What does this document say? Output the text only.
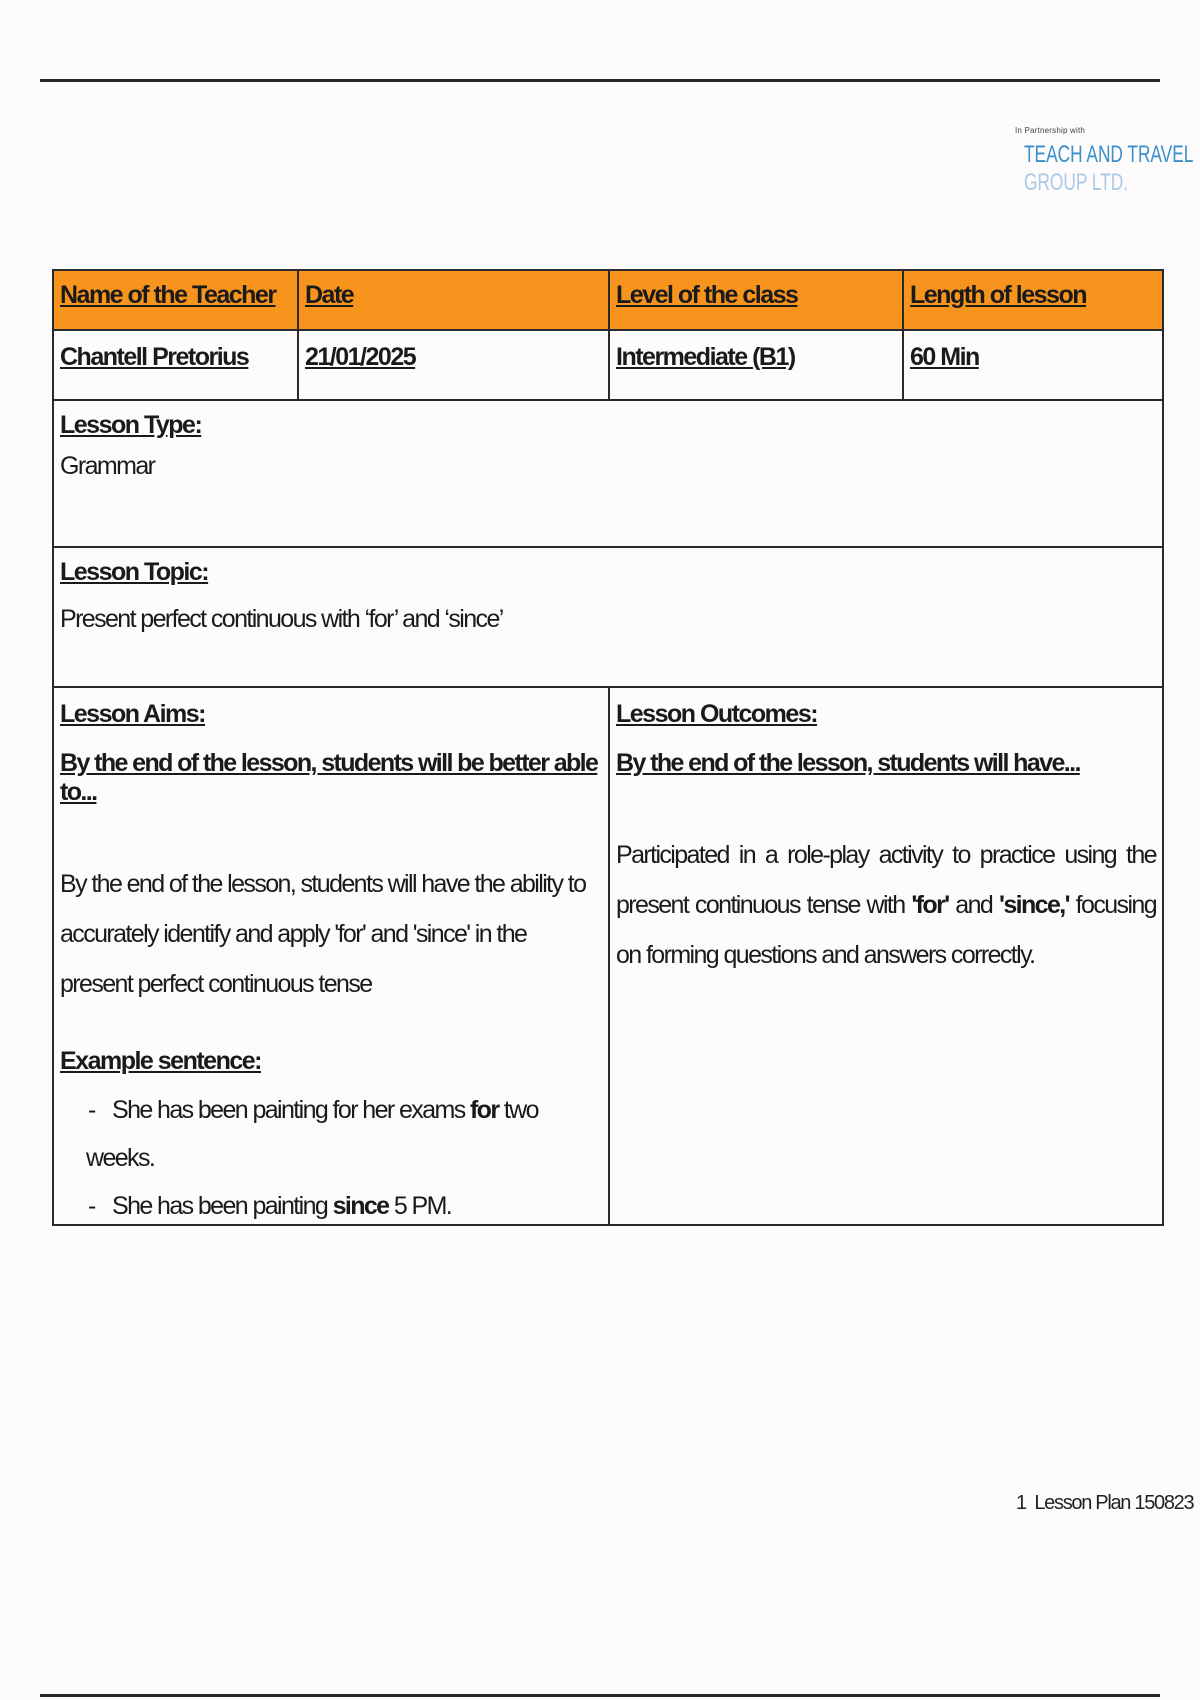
In Partnership with
TEACH AND TRAVEL
GROUP LTD.
Name of the Teacher	Date	Level of the class	Length of lesson
Chantell Pretorius	21/01/2025	Intermediate (B1)	60 Min
Lesson Type:
Grammar
Lesson Topic:
Present perfect continuous with ‘for’ and ‘since’
Lesson Aims:
By the end of the lesson, students will be better able to...
By the end of the lesson, students will have the ability to accurately identify and apply 'for' and 'since' in the present perfect continuous tense
Example sentence:
- She has been painting for her exams for two weeks.
- She has been painting since 5 PM.
Lesson Outcomes:
By the end of the lesson, students will have...
Participated in a role-play activity to practice using the present continuous tense with 'for' and 'since,' focusing on forming questions and answers correctly.
1 Lesson Plan 150823
